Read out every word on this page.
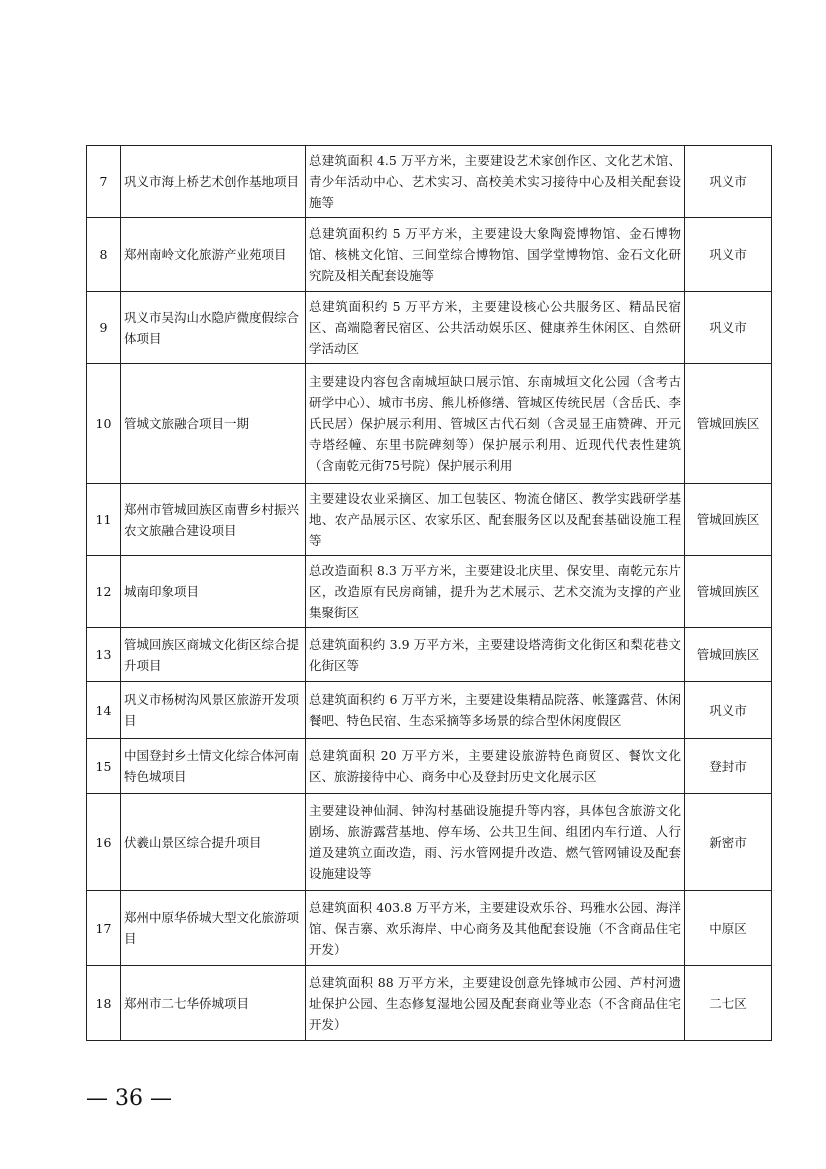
7	巩义市海上桥艺术创作基地项目	总建筑面积 4.5 万平方米，主要建设艺术家创作区、文化艺术馆、青少年活动中心、艺术实习、高校美术实习接待中心及相关配套设施等	巩义市
8	郑州南岭文化旅游产业苑项目	总建筑面积约 5 万平方米，主要建设大象陶瓷博物馆、金石博物馆、核桃文化馆、三间堂综合博物馆、国学堂博物馆、金石文化研究院及相关配套设施等	巩义市
9	巩义市吴沟山水隐庐微度假综合体项目	总建筑面积约 5 万平方米，主要建设核心公共服务区、精品民宿区、高端隐奢民宿区、公共活动娱乐区、健康养生休闲区、自然研学活动区	巩义市
10	管城文旅融合项目一期	主要建设内容包含南城垣缺口展示馆、东南城垣文化公园（含考古研学中心）、城市书房、熊儿桥修缮、管城区传统民居（含岳氏、李氏民居）保护展示利用、管城区古代石刻（含灵显王庙赞碑、开元寺塔经幢、东里书院碑刻等）保护展示利用、近现代代表性建筑（含南乾元街75号院）保护展示利用	管城回族区
11	郑州市管城回族区南曹乡村振兴农文旅融合建设项目	主要建设农业采摘区、加工包装区、物流仓储区、教学实践研学基地、农产品展示区、农家乐区、配套服务区以及配套基础设施工程等	管城回族区
12	城南印象项目	总改造面积 8.3 万平方米，主要建设北庆里、保安里、南乾元东片区，改造原有民房商铺，提升为艺术展示、艺术交流为支撑的产业集聚街区	管城回族区
13	管城回族区商城文化街区综合提升项目	总建筑面积约 3.9 万平方米，主要建设塔湾街文化街区和梨花巷文化街区等	管城回族区
14	巩义市杨树沟风景区旅游开发项目	总建筑面积约 6 万平方米，主要建设集精品院落、帐篷露营、休闲餐吧、特色民宿、生态采摘等多场景的综合型休闲度假区	巩义市
15	中国登封乡土情文化综合体河南特色城项目	总建筑面积 20 万平方米，主要建设旅游特色商贸区、餐饮文化区、旅游接待中心、商务中心及登封历史文化展示区	登封市
16	伏羲山景区综合提升项目	主要建设神仙洞、钟沟村基础设施提升等内容，具体包含旅游文化剧场、旅游露营基地、停车场、公共卫生间、组团内车行道、人行道及建筑立面改造，雨、污水管网提升改造、燃气管网铺设及配套设施建设等	新密市
17	郑州中原华侨城大型文化旅游项目	总建筑面积 403.8 万平方米，主要建设欢乐谷、玛雅水公园、海洋馆、保吉寨、欢乐海岸、中心商务及其他配套设施（不含商品住宅开发）	中原区
18	郑州市二七华侨城项目	总建筑面积 88 万平方米，主要建设创意先锋城市公园、芦村河遗址保护公园、生态修复湿地公园及配套商业等业态（不含商品住宅开发）	二七区
— 36 —
